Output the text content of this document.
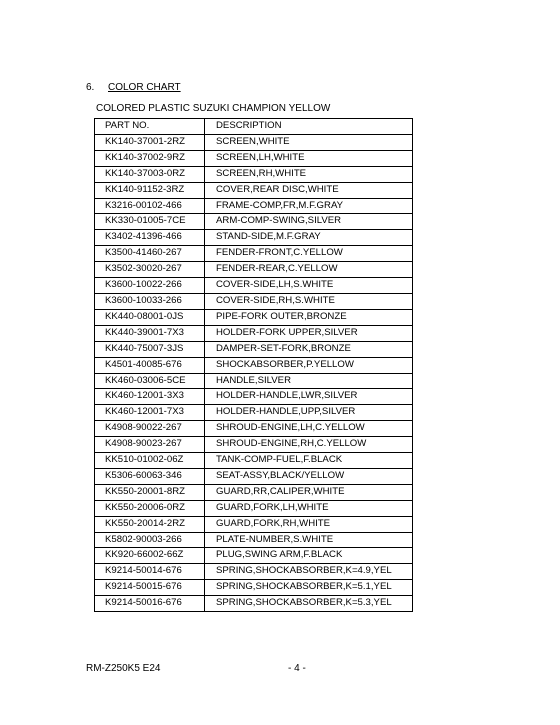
6. COLOR CHART
COLORED PLASTIC SUZUKI CHAMPION YELLOW
PART NO.	DESCRIPTION
KK140-37001-2RZ	SCREEN,WHITE
KK140-37002-9RZ	SCREEN,LH,WHITE
KK140-37003-0RZ	SCREEN,RH,WHITE
KK140-91152-3RZ	COVER,REAR DISC,WHITE
K3216-00102-466	FRAME-COMP,FR,M.F.GRAY
KK330-01005-7CE	ARM-COMP-SWING,SILVER
K3402-41396-466	STAND-SIDE,M.F.GRAY
K3500-41460-267	FENDER-FRONT,C.YELLOW
K3502-30020-267	FENDER-REAR,C.YELLOW
K3600-10022-266	COVER-SIDE,LH,S.WHITE
K3600-10033-266	COVER-SIDE,RH,S.WHITE
KK440-08001-0JS	PIPE-FORK OUTER,BRONZE
KK440-39001-7X3	HOLDER-FORK UPPER,SILVER
KK440-75007-3JS	DAMPER-SET-FORK,BRONZE
K4501-40085-676	SHOCKABSORBER,P.YELLOW
KK460-03006-5CE	HANDLE,SILVER
KK460-12001-3X3	HOLDER-HANDLE,LWR,SILVER
KK460-12001-7X3	HOLDER-HANDLE,UPP,SILVER
K4908-90022-267	SHROUD-ENGINE,LH,C.YELLOW
K4908-90023-267	SHROUD-ENGINE,RH,C.YELLOW
KK510-01002-06Z	TANK-COMP-FUEL,F.BLACK
K5306-60063-346	SEAT-ASSY,BLACK/YELLOW
KK550-20001-8RZ	GUARD,RR,CALIPER,WHITE
KK550-20006-0RZ	GUARD,FORK,LH,WHITE
KK550-20014-2RZ	GUARD,FORK,RH,WHITE
K5802-90003-266	PLATE-NUMBER,S.WHITE
KK920-66002-66Z	PLUG,SWING ARM,F.BLACK
K9214-50014-676	SPRING,SHOCKABSORBER,K=4.9,YEL
K9214-50015-676	SPRING,SHOCKABSORBER,K=5.1,YEL
K9214-50016-676	SPRING,SHOCKABSORBER,K=5.3,YEL
RM-Z250K5 E24	- 4 -
